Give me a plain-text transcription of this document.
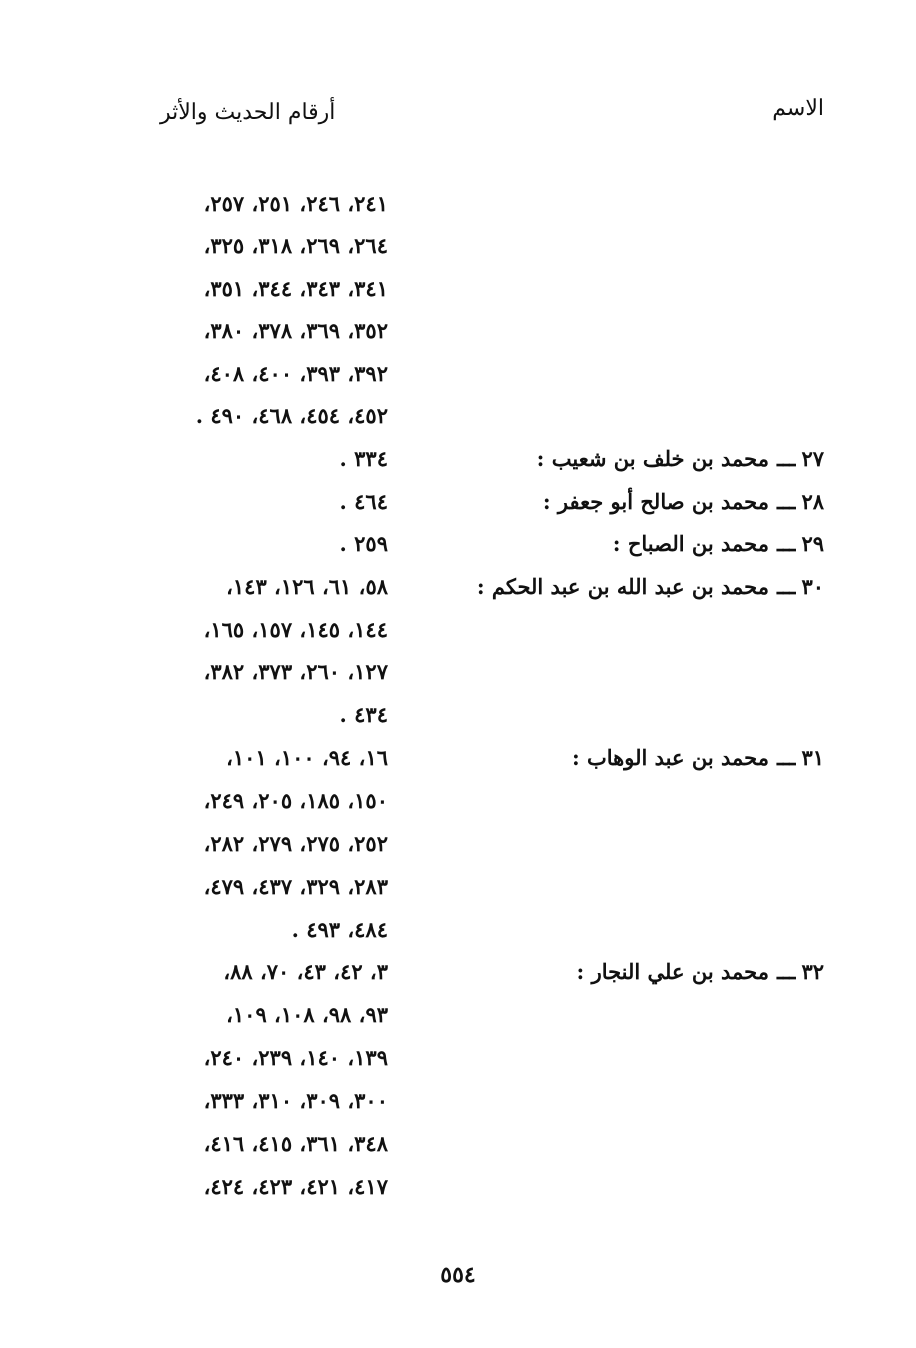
الاسم
أرقام الحديث والأثر
٢٤١، ٢٤٦، ٢٥١، ٢٥٧،
٢٦٤، ٢٦٩، ٣١٨، ٣٢٥،
٣٤١، ٣٤٣، ٣٤٤، ٣٥١،
٣٥٢، ٣٦٩، ٣٧٨، ٣٨٠،
٣٩٢، ٣٩٣، ٤٠٠، ٤٠٨،
٤٥٢، ٤٥٤، ٤٦٨، ٤٩٠ .
٢٧ـــمحمد بن خلف بن شعيب :
٣٣٤ .
٢٨ـــمحمد بن صالح أبو جعفر :
٤٦٤ .
٢٩ـــمحمد بن الصباح :
٢٥٩ .
٣٠ـــمحمد بن عبد الله بن عبد الحكم :
٥٨، ٦١، ١٢٦، ١٤٣،
١٤٤، ١٤٥، ١٥٧، ١٦٥،
١٢٧، ٢٦٠، ٣٧٣، ٣٨٢،
٤٣٤ .
٣١ـــمحمد بن عبد الوهاب :
١٦، ٩٤، ١٠٠، ١٠١،
١٥٠، ١٨٥، ٢٠٥، ٢٤٩،
٢٥٢، ٢٧٥، ٢٧٩، ٢٨٢،
٢٨٣، ٣٢٩، ٤٣٧، ٤٧٩،
٤٨٤، ٤٩٣ .
٣٢ـــمحمد بن علي النجار :
٣، ٤٢، ٤٣، ٧٠، ٨٨،
٩٣، ٩٨، ١٠٨، ١٠٩،
١٣٩، ١٤٠، ٢٣٩، ٢٤٠،
٣٠٠، ٣٠٩، ٣١٠، ٣٣٣،
٣٤٨، ٣٦١، ٤١٥، ٤١٦،
٤١٧، ٤٢١، ٤٢٣، ٤٢٤،
٥٥٤
